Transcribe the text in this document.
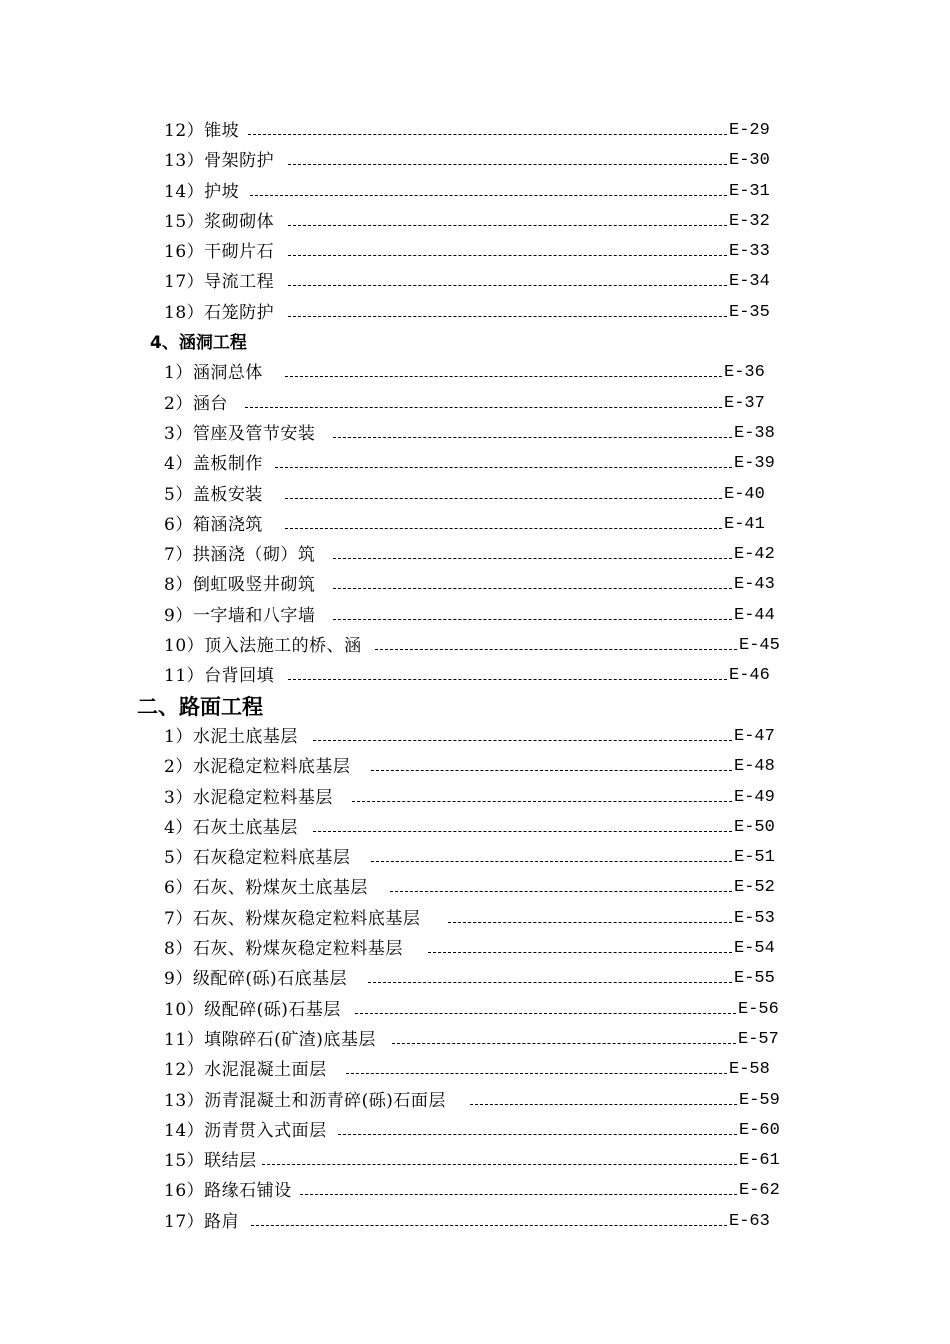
12）锥坡	E-29
13）骨架防护	E-30
14）护坡	E-31
15）浆砌砌体	E-32
16）干砌片石	E-33
17）导流工程	E-34
18）石笼防护	E-35
4、涵洞工程
1）涵洞总体	E-36
2）涵台	E-37
3）管座及管节安装	E-38
4）盖板制作	E-39
5）盖板安装	E-40
6）箱涵浇筑	E-41
7）拱涵浇（砌）筑	E-42
8）倒虹吸竖井砌筑	E-43
9）一字墙和八字墙	E-44
10）顶入法施工的桥、涵	E-45
11）台背回填	E-46
二、路面工程
1）水泥土底基层	E-47
2）水泥稳定粒料底基层	E-48
3）水泥稳定粒料基层	E-49
4）石灰土底基层	E-50
5）石灰稳定粒料底基层	E-51
6）石灰、粉煤灰土底基层	E-52
7）石灰、粉煤灰稳定粒料底基层	E-53
8）石灰、粉煤灰稳定粒料基层	E-54
9）级配碎(砾)石底基层	E-55
10）级配碎(砾)石基层	E-56
11）填隙碎石(矿渣)底基层	E-57
12）水泥混凝土面层	E-58
13）沥青混凝土和沥青碎(砾)石面层	E-59
14）沥青贯入式面层	E-60
15）联结层	E-61
16）路缘石铺设	E-62
17）路肩	E-63
